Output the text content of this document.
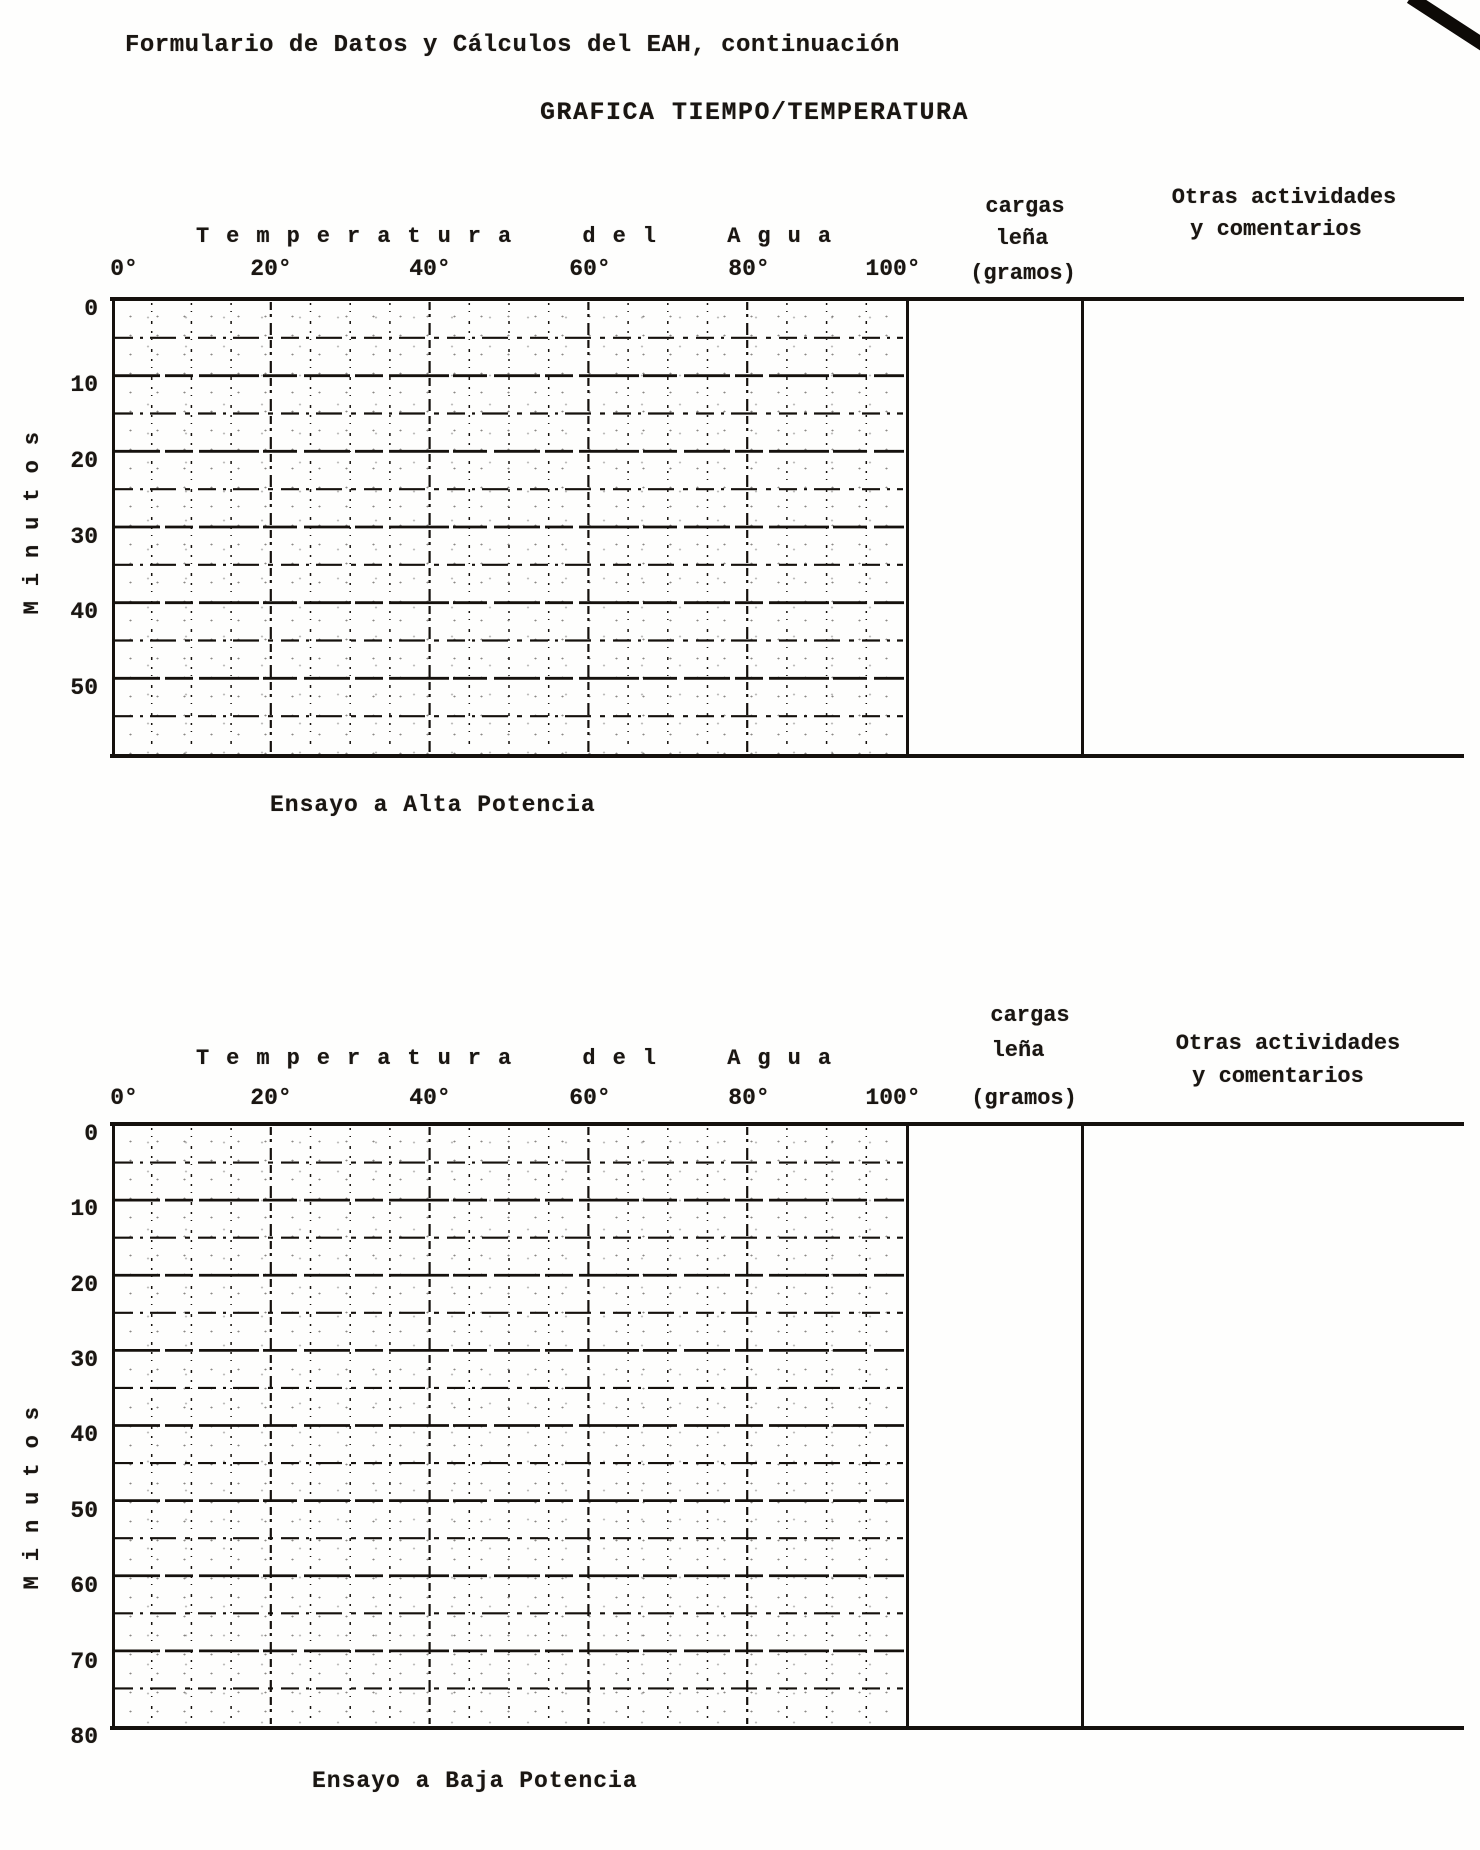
Formulario de Datos y Cálculos del EAH, continuación
GRAFICA TIEMPO/TEMPERATURA
cargas
leña
(gramos)
Otras actividades
y comentarios
Temperatura del Agua
0°	20°	40°	60°	80°	100°
Minutos
0
10
20
30
40
50
Ensayo a Alta Potencia
cargas
leña
(gramos)
Otras actividades
y comentarios
Temperatura del Agua
0°	20°	40°	60°	80°	100°
Minutos
0
10
20
30
40
50
60
70
80
Ensayo a Baja Potencia
